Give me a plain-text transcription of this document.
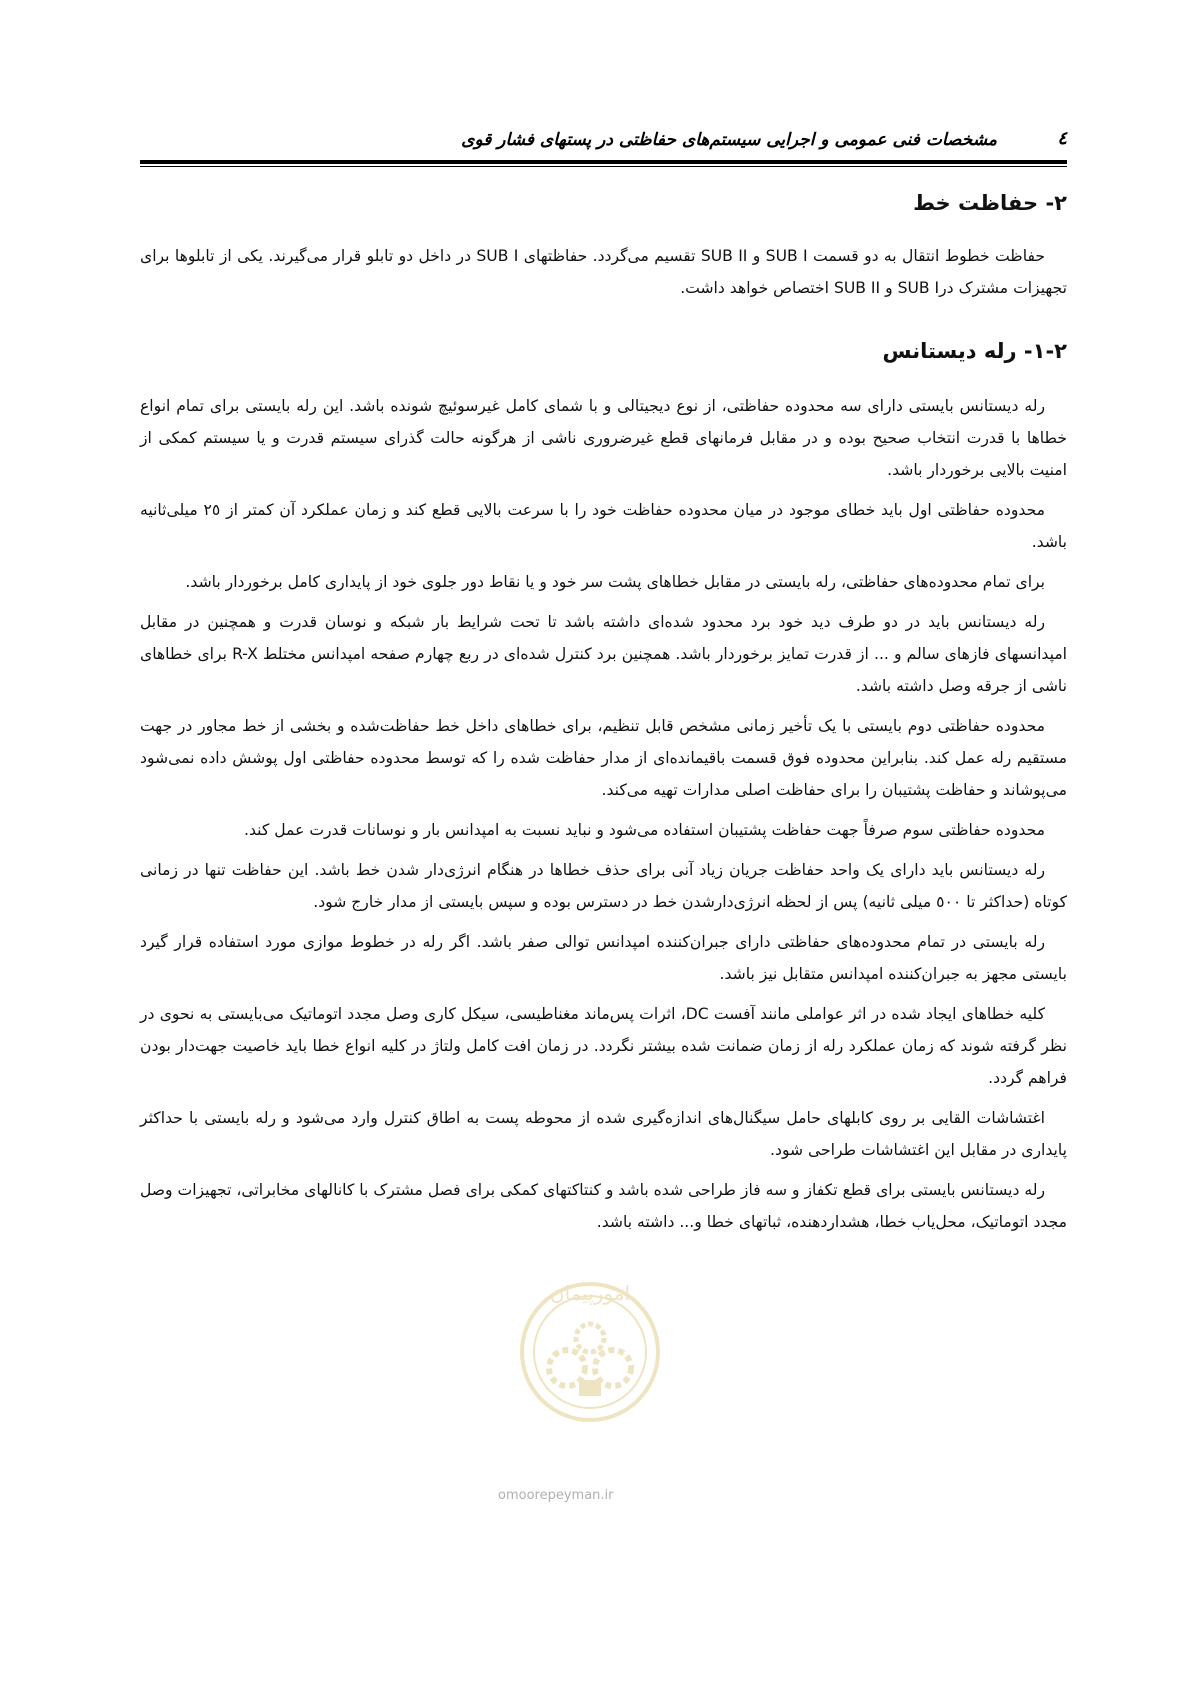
مشخصات فنی عمومی و اجرایی سیستم‌های حفاظتی در پستهای فشار قوی	٤
٢- حفاظت خط

حفاظت خطوط انتقال به دو قسمت SUB I و SUB II تقسیم می‌گردد. حفاظتهای SUB I در داخل دو تابلو قرار می‌گیرند. یکی از تابلوها برای تجهیزات مشترک درSUB I و SUB II اختصاص خواهد داشت.

٢-١- رله دیستانس

رله دیستانس بایستی دارای سه محدوده حفاظتی، از نوع دیجیتالی و با شمای کامل غیرسوئیچ شونده باشد. این رله بایستی برای تمام انواع خطاها با قدرت انتخاب صحیح بوده و در مقابل فرمانهای قطع غیرضروری ناشی از هرگونه حالت گذرای سیستم قدرت و یا سیستم کمکی از امنیت بالایی برخوردار باشد.

محدوده حفاظتی اول باید خطای موجود در میان محدوده حفاظت خود را با سرعت بالایی قطع کند و زمان عملکرد آن کمتر از ٢٥ میلی‌ثانیه باشد.

برای تمام محدوده‌های حفاظتی، رله بایستی در مقابل خطاهای پشت سر خود و یا نقاط دور جلوی خود از پایداری کامل برخوردار باشد.

رله دیستانس باید در دو طرف دید خود برد محدود شده‌ای داشته باشد تا تحت شرایط بار شبکه و نوسان قدرت و همچنین در مقابل امپدانسهای فازهای سالم و ... از قدرت تمایز برخوردار باشد. همچنین برد کنترل شده‌ای در ربع چهارم صفحه امپدانس مختلط R-X برای خطاهای ناشی از جرقه وصل داشته باشد.

محدوده حفاظتی دوم بایستی با یک تأخیر زمانی مشخص قابل تنظیم، برای خطاهای داخل خط حفاظت‌شده و بخشی از خط مجاور در جهت مستقیم رله عمل کند. بنابراین محدوده فوق قسمت باقیمانده‌ای از مدار حفاظت شده را که توسط محدوده حفاظتی اول پوشش داده نمی‌شود می‌پوشاند و حفاظت پشتیبان را برای حفاظت اصلی مدارات تهیه می‌کند.

محدوده حفاظتی سوم صرفاً جهت حفاظت پشتیبان استفاده می‌شود و نباید نسبت به امپدانس بار و نوسانات قدرت عمل کند.

رله دیستانس باید دارای یک واحد حفاظت جریان زیاد آنی برای حذف خطاها در هنگام انرژی‌دار شدن خط باشد. این حفاظت تنها در زمانی کوتاه (حداکثر تا ٥٠٠ میلی ثانیه) پس از لحظه انرژی‌دارشدن خط در دسترس بوده و سپس بایستی از مدار خارج شود.

رله بایستی در تمام محدوده‌های حفاظتی دارای جبران‌کننده امپدانس توالی صفر باشد. اگر رله در خطوط موازی مورد استفاده قرار گیرد بایستی مجهز به جبران‌کننده امپدانس متقابل نیز باشد.

کلیه خطاهای ایجاد شده در اثر عواملی مانند آفست DC، اثرات پس‌ماند مغناطیسی، سیکل کاری وصل مجدد اتوماتیک می‌بایستی به نحوی در نظر گرفته شوند که زمان عملکرد رله از زمان ضمانت شده بیشتر نگردد. در زمان افت کامل ولتاژ در کلیه انواع خطا باید خاصیت جهت‌دار بودن فراهم گردد.

اغتشاشات القایی بر روی کابلهای حامل سیگنال‌های اندازه‌گیری شده از محوطه پست به اطاق کنترل وارد می‌شود و رله بایستی با حداکثر پایداری در مقابل این اغتشاشات طراحی شود.

رله دیستانس بایستی برای قطع تکفاز و سه فاز طراحی شده باشد و کنتاکتهای کمکی برای فصل مشترک با کانالهای مخابراتی، تجهیزات وصل مجدد اتوماتیک، محل‌یاب خطا، هشداردهنده، ثباتهای خطا و... داشته باشد.

امورپیمان
omoorepeyman.ir
